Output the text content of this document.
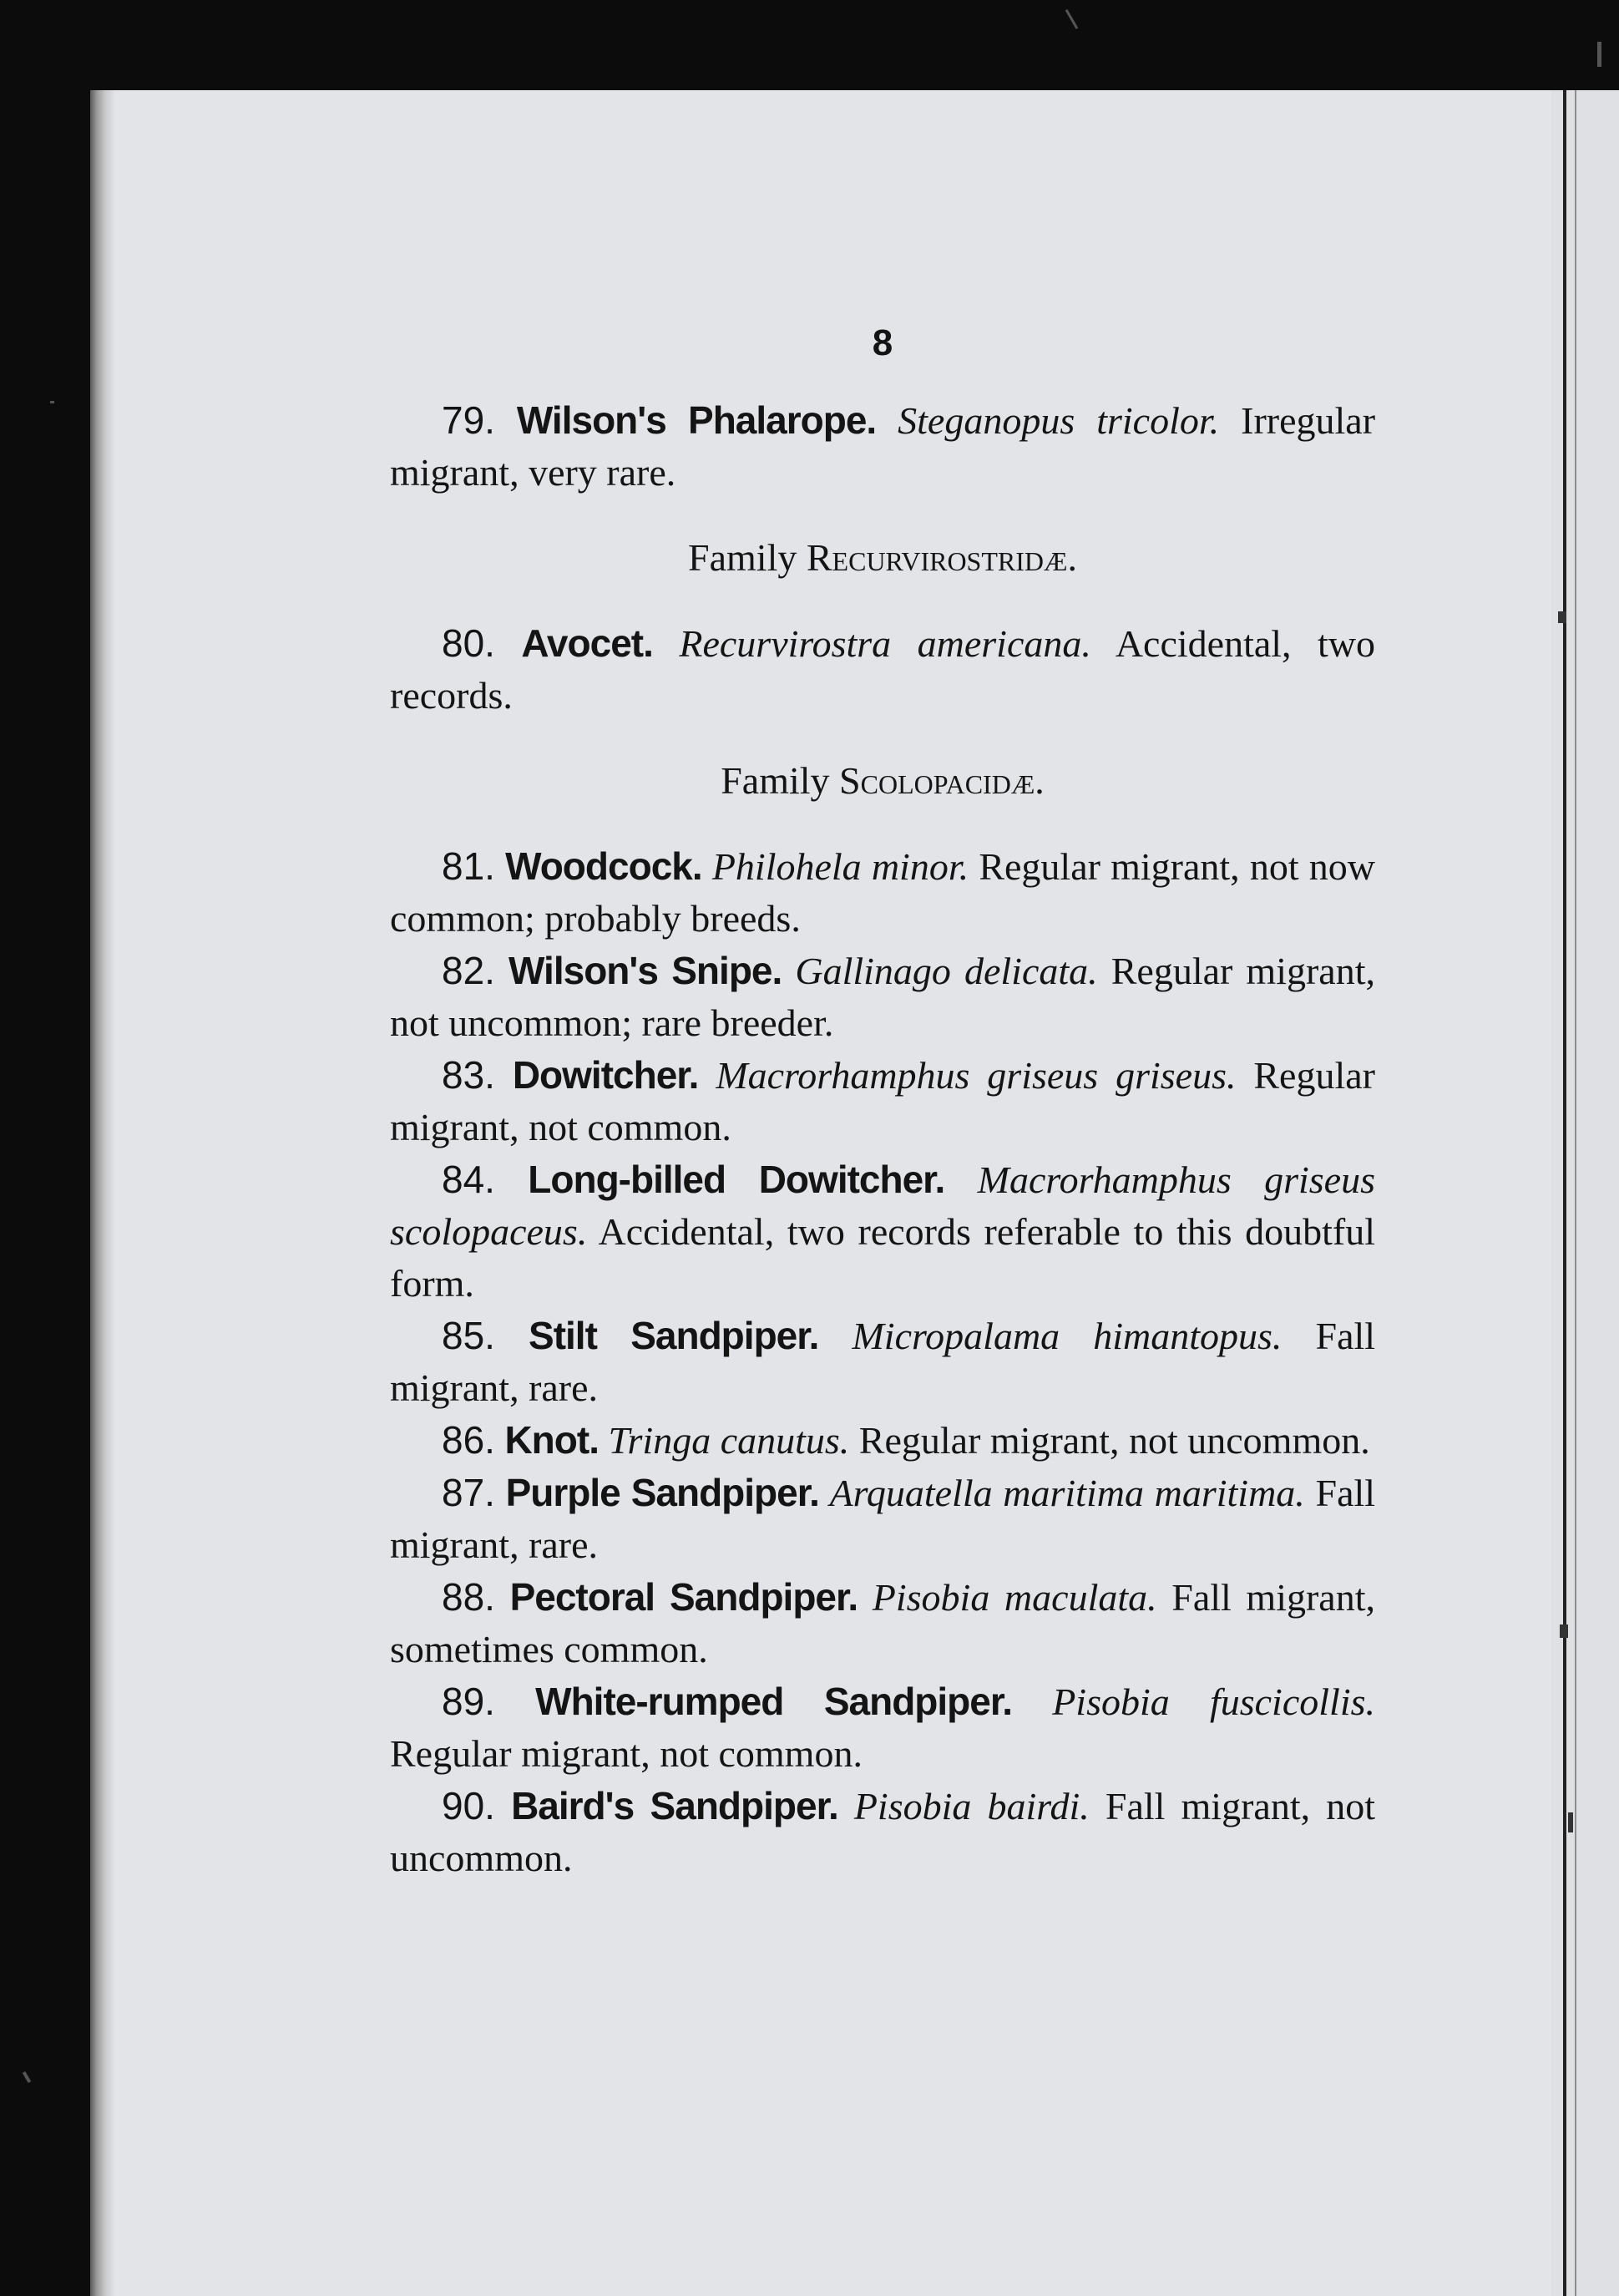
8

79. Wilson's Phalarope. Steganopus tricolor. Irregular migrant, very rare.

Family Recurvirostridæ.

80. Avocet. Recurvirostra americana. Accidental, two records.

Family Scolopacidæ.

81. Woodcock. Philohela minor. Regular migrant, not now common; probably breeds.

82. Wilson's Snipe. Gallinago delicata. Regular migrant, not uncommon; rare breeder.

83. Dowitcher. Macrorhamphus griseus griseus. Regular migrant, not common.

84. Long-billed Dowitcher. Macrorhamphus griseus scolopaceus. Accidental, two records referable to this doubtful form.

85. Stilt Sandpiper. Micropalama himantopus. Fall migrant, rare.

86. Knot. Tringa canutus. Regular migrant, not uncommon.

87. Purple Sandpiper. Arquatella maritima maritima. Fall migrant, rare.

88. Pectoral Sandpiper. Pisobia maculata. Fall migrant, sometimes common.

89. White-rumped Sandpiper. Pisobia fuscicollis. Regular migrant, not common.

90. Baird's Sandpiper. Pisobia bairdi. Fall migrant, not uncommon.
